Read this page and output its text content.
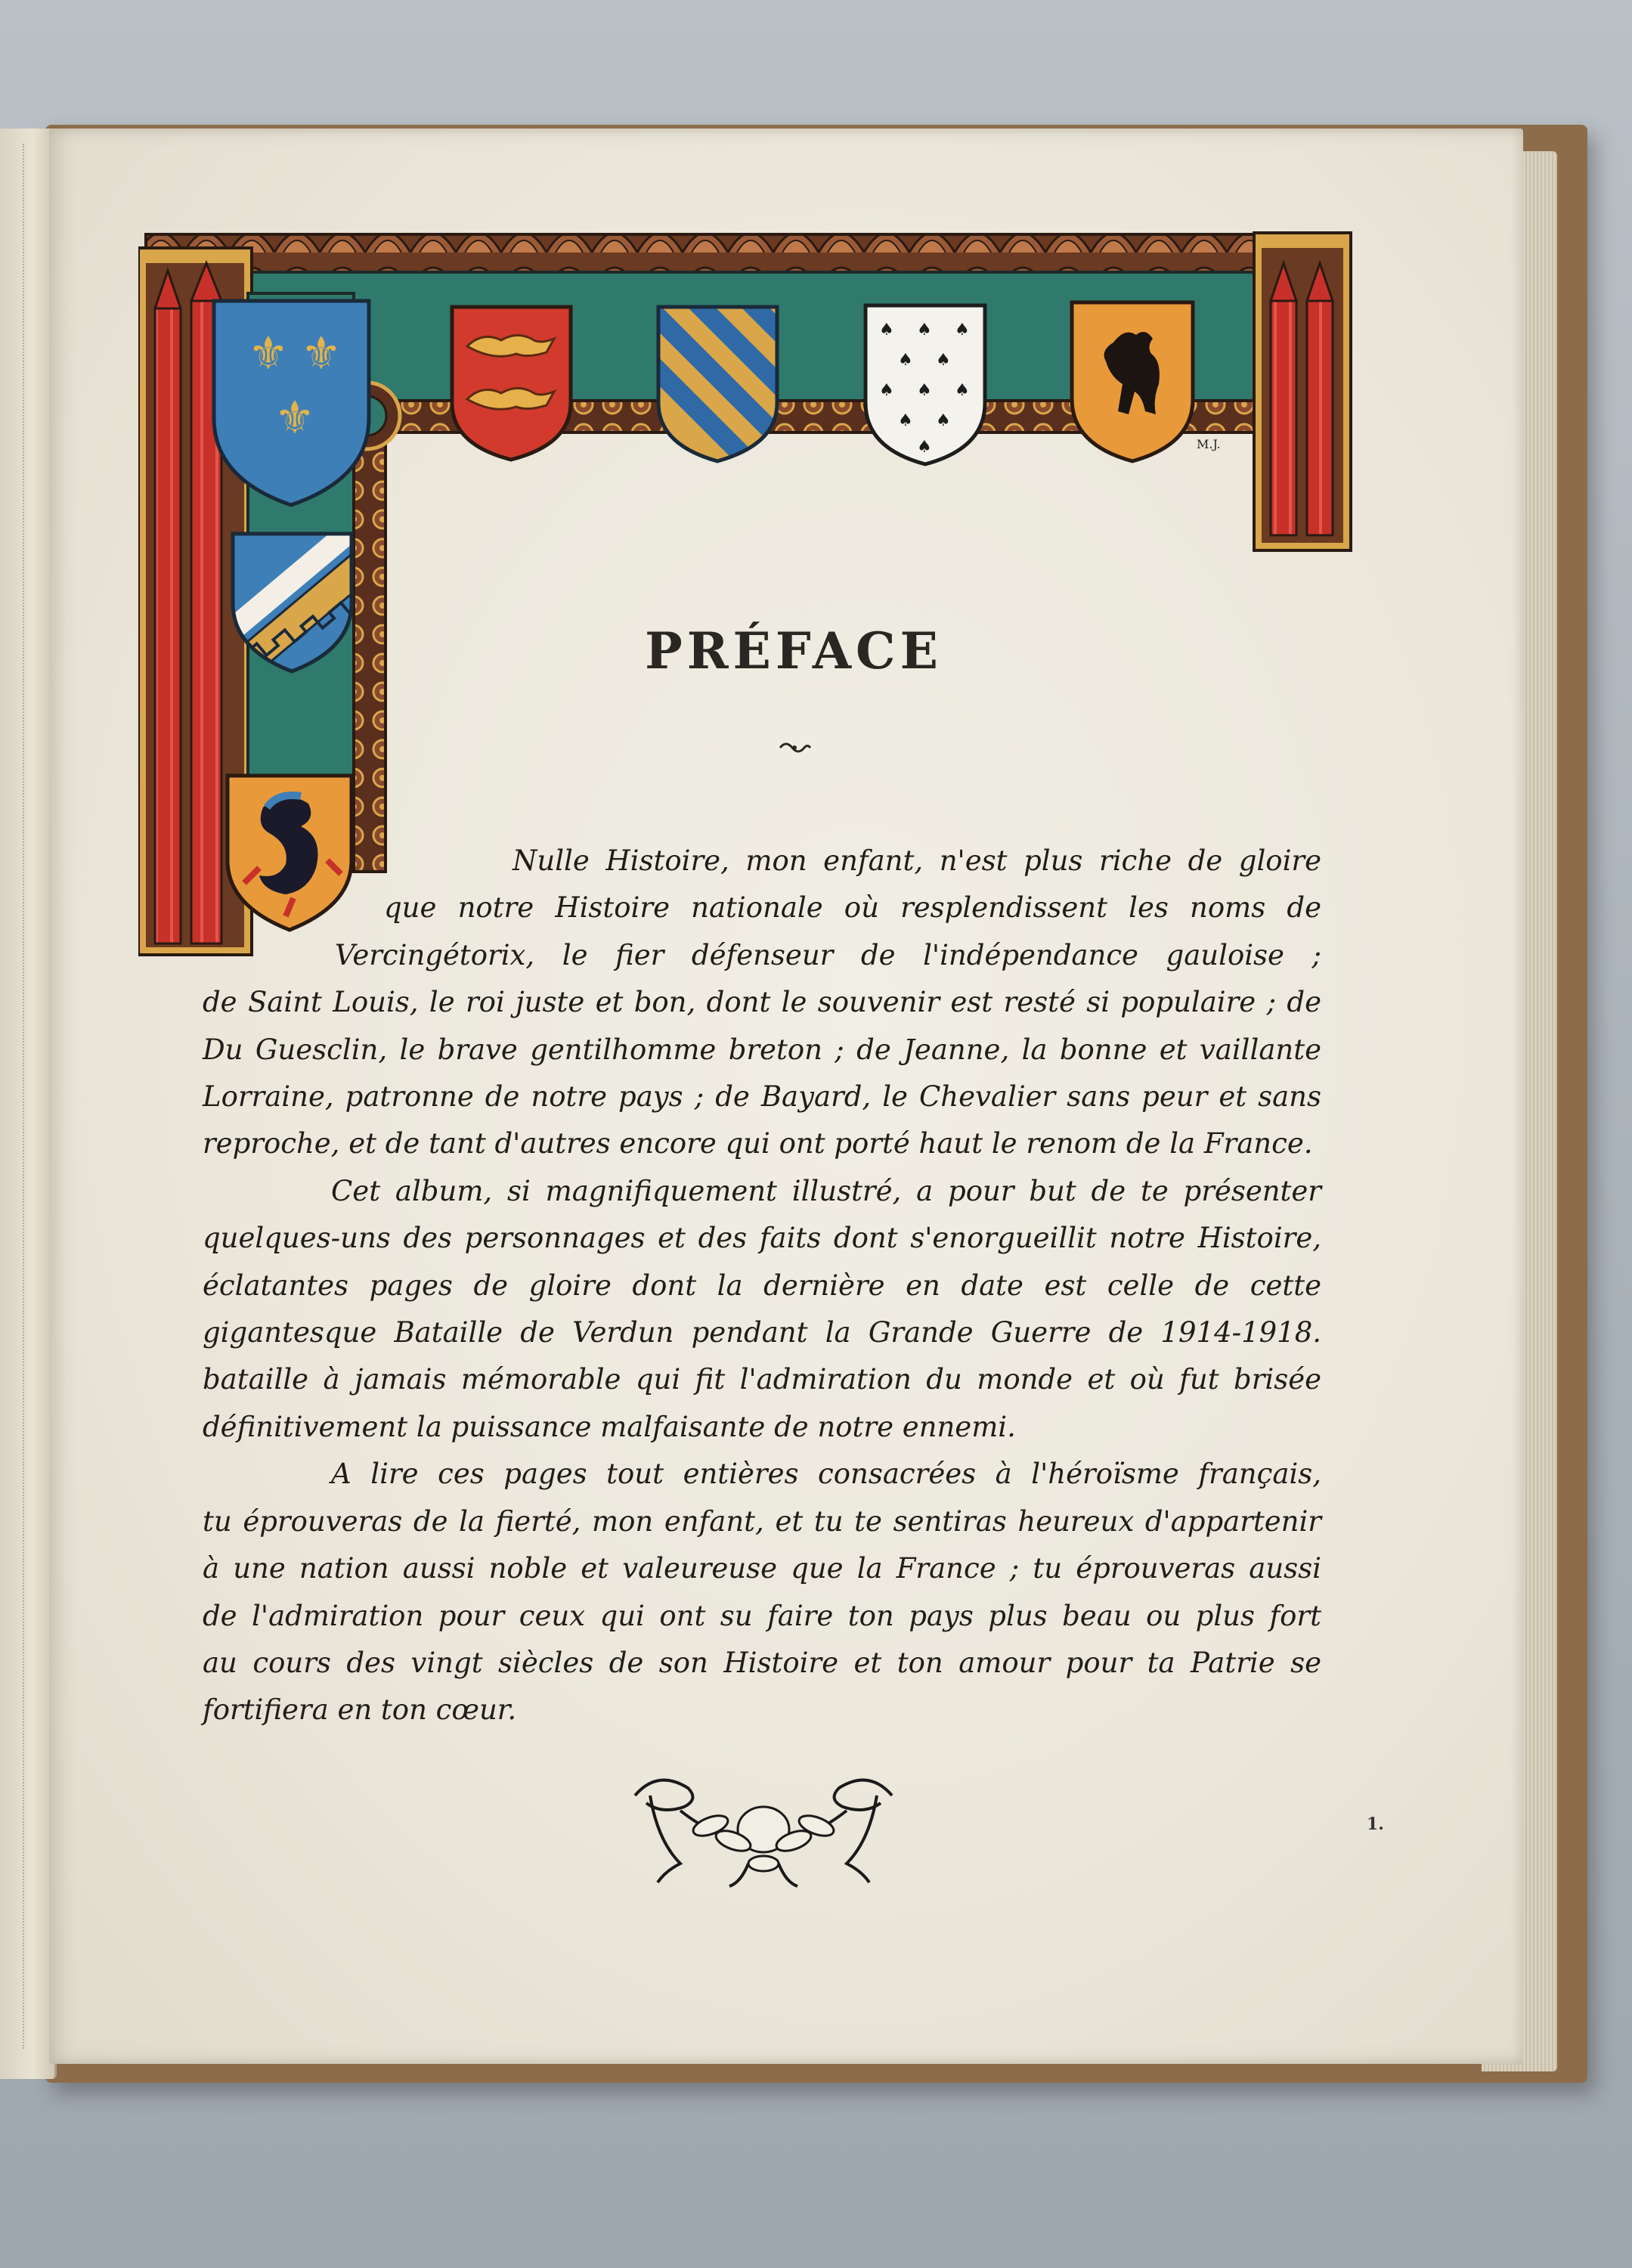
⚜ ⚜
⚜
♠ ♠ ♠
♠ ♠
♠ ♠ ♠
♠ ♠
♠	M.J.
PRÉFACE
Nulle Histoire, mon enfant, n'est plus riche de gloire
que notre Histoire nationale où resplendissent les noms de
Vercingétorix, le fier défenseur de l'indépendance gauloise ;
de Saint Louis, le roi juste et bon, dont le souvenir est resté si populaire ; de
Du Guesclin, le brave gentilhomme breton ; de Jeanne, la bonne et vaillante
Lorraine, patronne de notre pays ; de Bayard, le Chevalier sans peur et sans
reproche, et de tant d'autres encore qui ont porté haut le renom de la France.
Cet album, si magnifiquement illustré, a pour but de te présenter
quelques-uns des personnages et des faits dont s'enorgueillit notre Histoire,
éclatantes pages de gloire dont la dernière en date est celle de cette
gigantesque Bataille de Verdun pendant la Grande Guerre de 1914-1918.
bataille à jamais mémorable qui fit l'admiration du monde et où fut brisée
définitivement la puissance malfaisante de notre ennemi.
A lire ces pages tout entières consacrées à l'héroïsme français,
tu éprouveras de la fierté, mon enfant, et tu te sentiras heureux d'appartenir
à une nation aussi noble et valeureuse que la France ; tu éprouveras aussi
de l'admiration pour ceux qui ont su faire ton pays plus beau ou plus fort
au cours des vingt siècles de son Histoire et ton amour pour ta Patrie se
fortifiera en ton cœur.
1.
